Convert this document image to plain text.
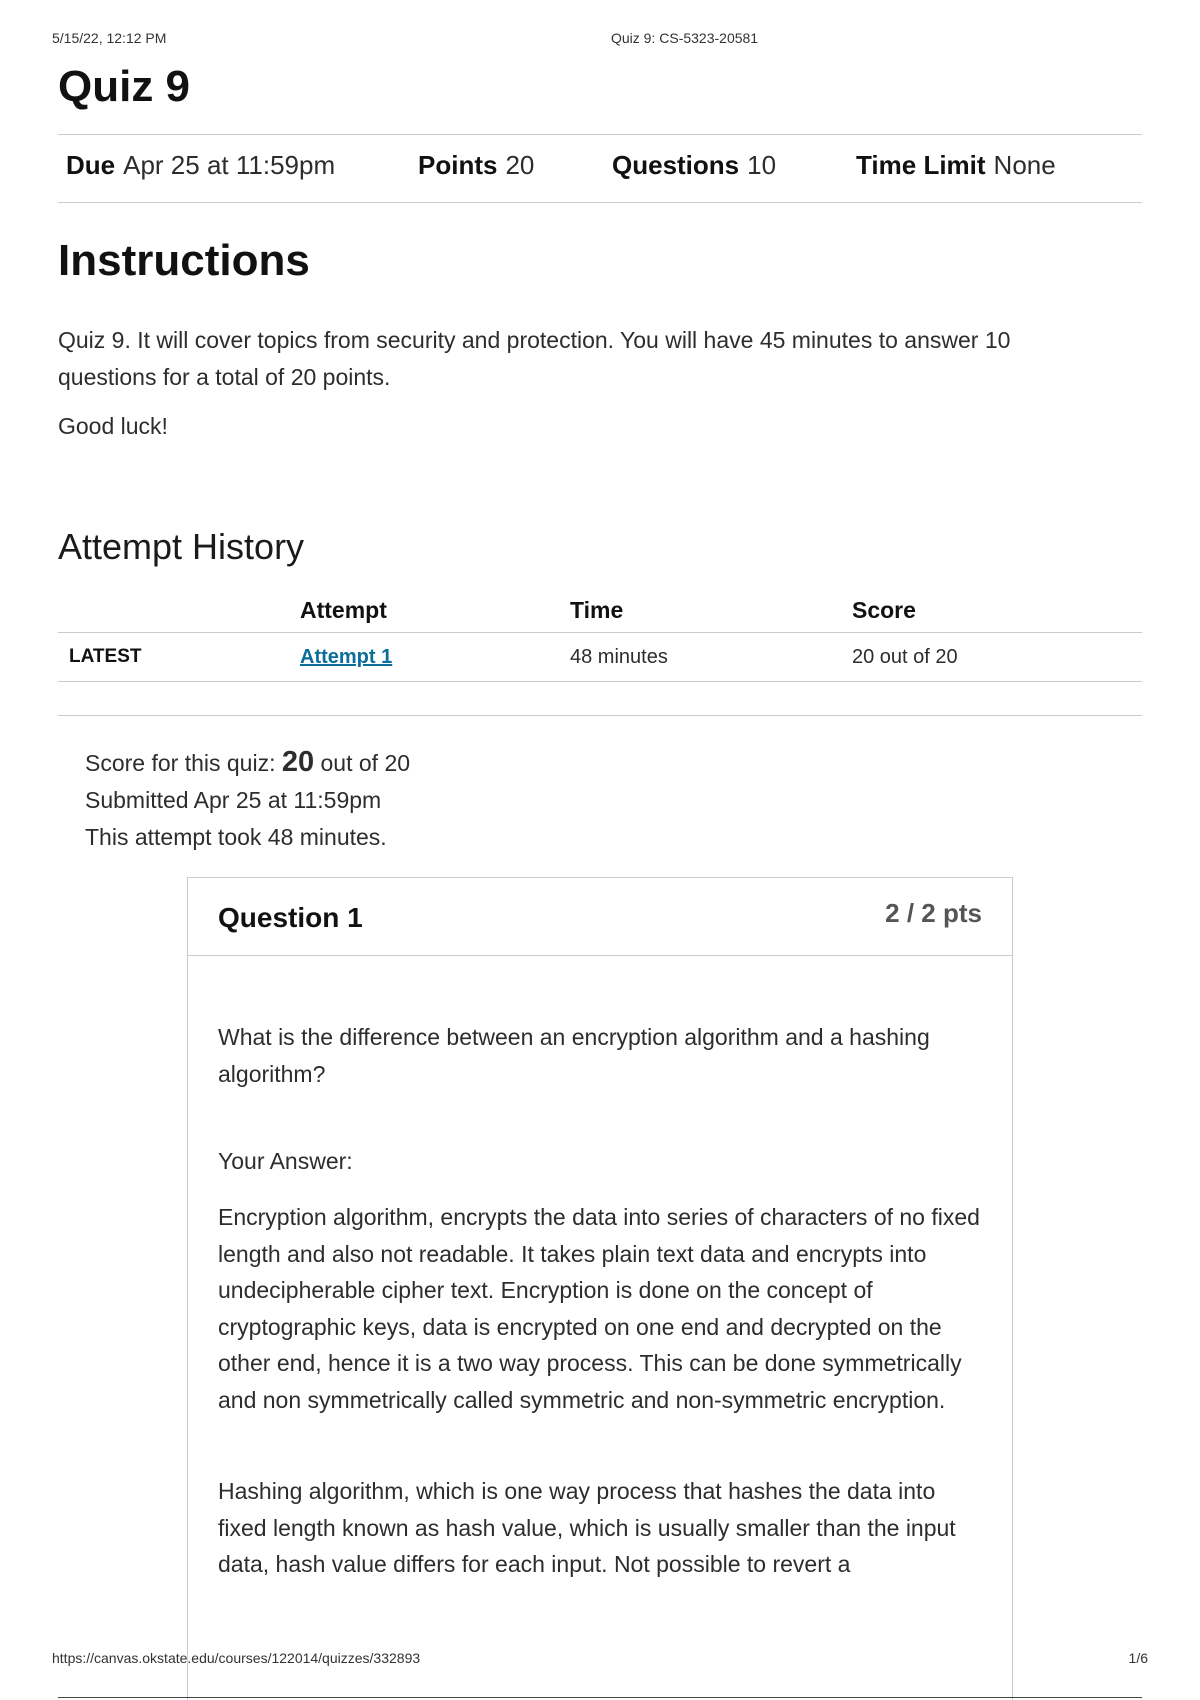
5/15/22, 12:12 PM	Quiz 9: CS-5323-20581
Quiz 9
Due Apr 25 at 11:59pm	Points 20	Questions 10	Time Limit None
Instructions

Quiz 9. It will cover topics from security and protection. You will have 45 minutes to answer 10 questions for a total of 20 points.

Good luck!

Attempt History
	Attempt	Time	Score
LATEST	Attempt 1	48 minutes	20 out of 20
Score for this quiz: 20 out of 20
Submitted Apr 25 at 11:59pm
This attempt took 48 minutes.
Question 1	2 / 2 pts

What is the difference between an encryption algorithm and a hashing algorithm?

Your Answer:

Encryption algorithm, encrypts the data into series of characters of no fixed length and also not readable. It takes plain text data and encrypts into undecipherable cipher text. Encryption is done on the concept of cryptographic keys, data is encrypted on one end and decrypted on the other end, hence it is a two way process. This can be done symmetrically and non symmetrically called symmetric and non-symmetric encryption.

Hashing algorithm, which is one way process that hashes the data into fixed length known as hash value, which is usually smaller than the input data, hash value differs for each input. Not possible to revert a

https://canvas.okstate.edu/courses/122014/quizzes/332893	1/6
